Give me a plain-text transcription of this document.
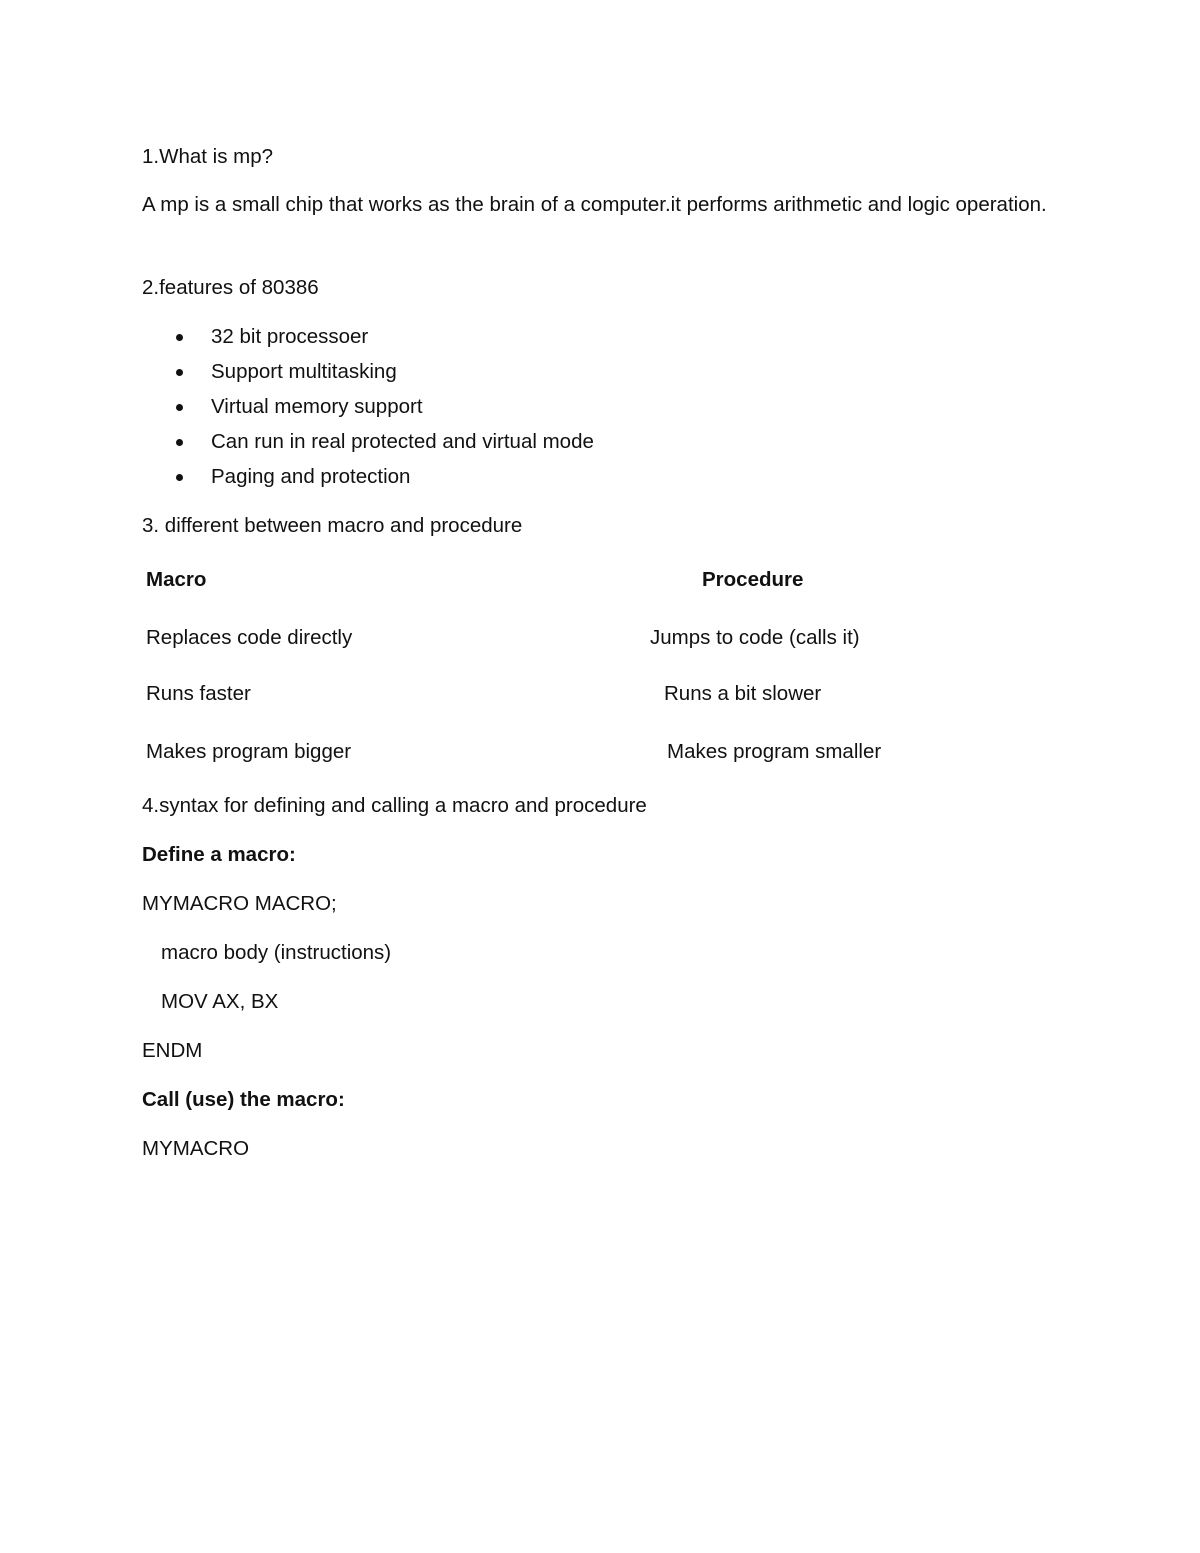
1.What is mp?
A mp is a small chip that works as the brain of a computer.it performs arithmetic and logic operation.
2.features of 80386
32 bit processoer
Support multitasking
Virtual memory support
Can run in real protected and virtual mode
Paging and protection
3. different between macro and procedure
Macro	Procedure
Replaces code directly	Jumps to code (calls it)
Runs faster	Runs a bit slower
Makes program bigger	Makes program smaller
4.syntax for defining and calling a macro and procedure
Define a macro:
MYMACRO MACRO;
macro body (instructions)
MOV AX, BX
ENDM
Call (use) the macro:
MYMACRO
